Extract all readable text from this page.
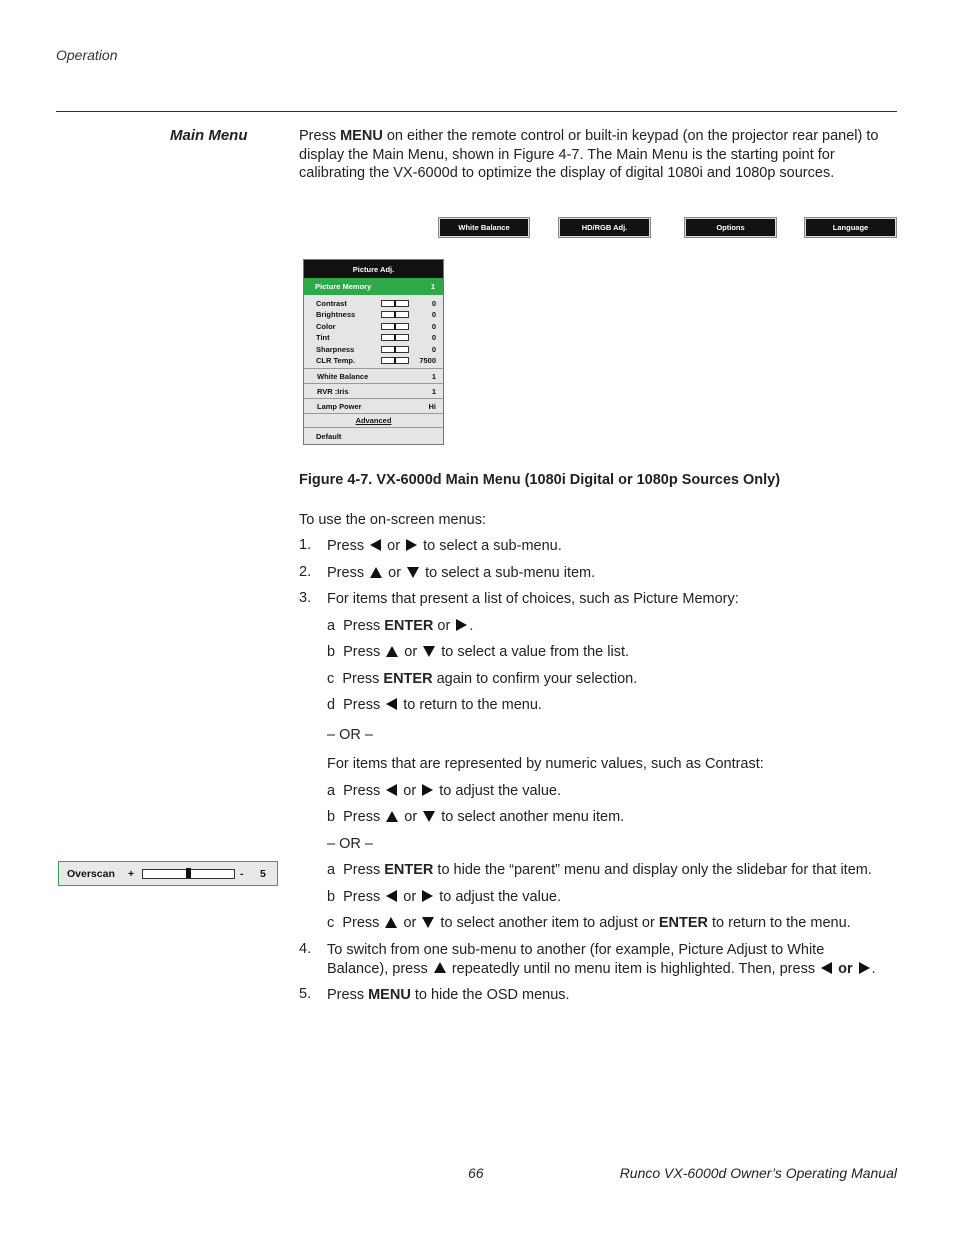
Operation
Main Menu	Press MENU on either the remote control or built-in keypad (on the projector rear panel) to display the Main Menu, shown in Figure 4-7. The Main Menu is the starting point for calibrating the VX-6000d to optimize the display of digital 1080i and 1080p sources.
White Balance	HD/RGB Adj.	Options	Language
Picture Adj.
Picture Memory	1
Contrast	0
Brightness	0
Color	0
Tint	0
Sharpness	0
CLR Temp.	7500
White Balance	1
RVR :Iris	1
Lamp Power	Hi
Advanced
Default
Figure 4-7. VX-6000d Main Menu (1080i Digital or 1080p Sources Only)
To use the on-screen menus:
1. Press or to select a sub-menu.
2. Press or to select a sub-menu item.
3. For items that present a list of choices, such as Picture Memory:
a Press ENTER or .
b Press or to select a value from the list.
c Press ENTER again to confirm your selection.
d Press to return to the menu.
– OR –
For items that are represented by numeric values, such as Contrast:
a Press or to adjust the value.
b Press or to select another menu item.
– OR –
Overscan +	- 5	a Press ENTER to hide the “parent” menu and display only the slidebar for that item.
b Press or to adjust the value.
c Press or to select another item to adjust or ENTER to return to the menu.
4. To switch from one sub-menu to another (for example, Picture Adjust to White
Balance), press repeatedly until no menu item is highlighted. Then, press or .
5. Press MENU to hide the OSD menus.
66	Runco VX-6000d Owner’s Operating Manual
